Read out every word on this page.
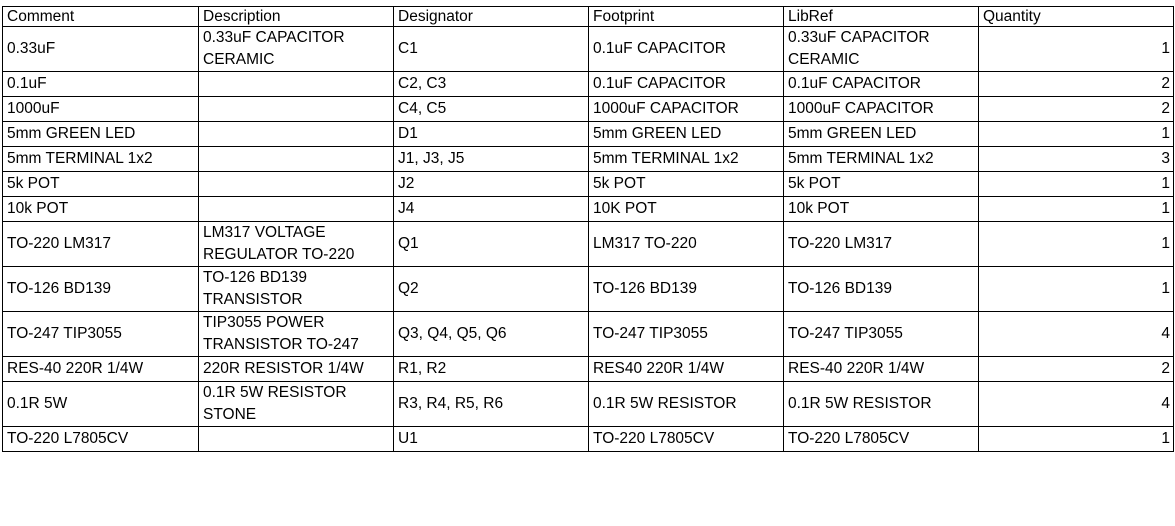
Comment	Description	Designator	Footprint	LibRef	Quantity
0.33uF	0.33uF CAPACITOR CERAMIC	C1	0.1uF CAPACITOR	0.33uF CAPACITOR CERAMIC	1
0.1uF		C2, C3	0.1uF CAPACITOR	0.1uF CAPACITOR	2
1000uF		C4, C5	1000uF CAPACITOR	1000uF CAPACITOR	2
5mm GREEN LED		D1	5mm GREEN LED	5mm GREEN LED	1
5mm TERMINAL 1x2		J1, J3, J5	5mm TERMINAL 1x2	5mm TERMINAL 1x2	3
5k POT		J2	5k POT	5k POT	1
10k POT		J4	10K POT	10k POT	1
TO-220 LM317	LM317 VOLTAGE REGULATOR TO-220	Q1	LM317 TO-220	TO-220 LM317	1
TO-126 BD139	TO-126 BD139 TRANSISTOR	Q2	TO-126 BD139	TO-126 BD139	1
TO-247 TIP3055	TIP3055 POWER TRANSISTOR TO-247	Q3, Q4, Q5, Q6	TO-247 TIP3055	TO-247 TIP3055	4
RES-40 220R 1/4W	220R RESISTOR 1/4W	R1, R2	RES40 220R 1/4W	RES-40 220R 1/4W	2
0.1R 5W	0.1R 5W RESISTOR STONE	R3, R4, R5, R6	0.1R 5W RESISTOR	0.1R 5W RESISTOR	4
TO-220 L7805CV		U1	TO-220 L7805CV	TO-220 L7805CV	1
